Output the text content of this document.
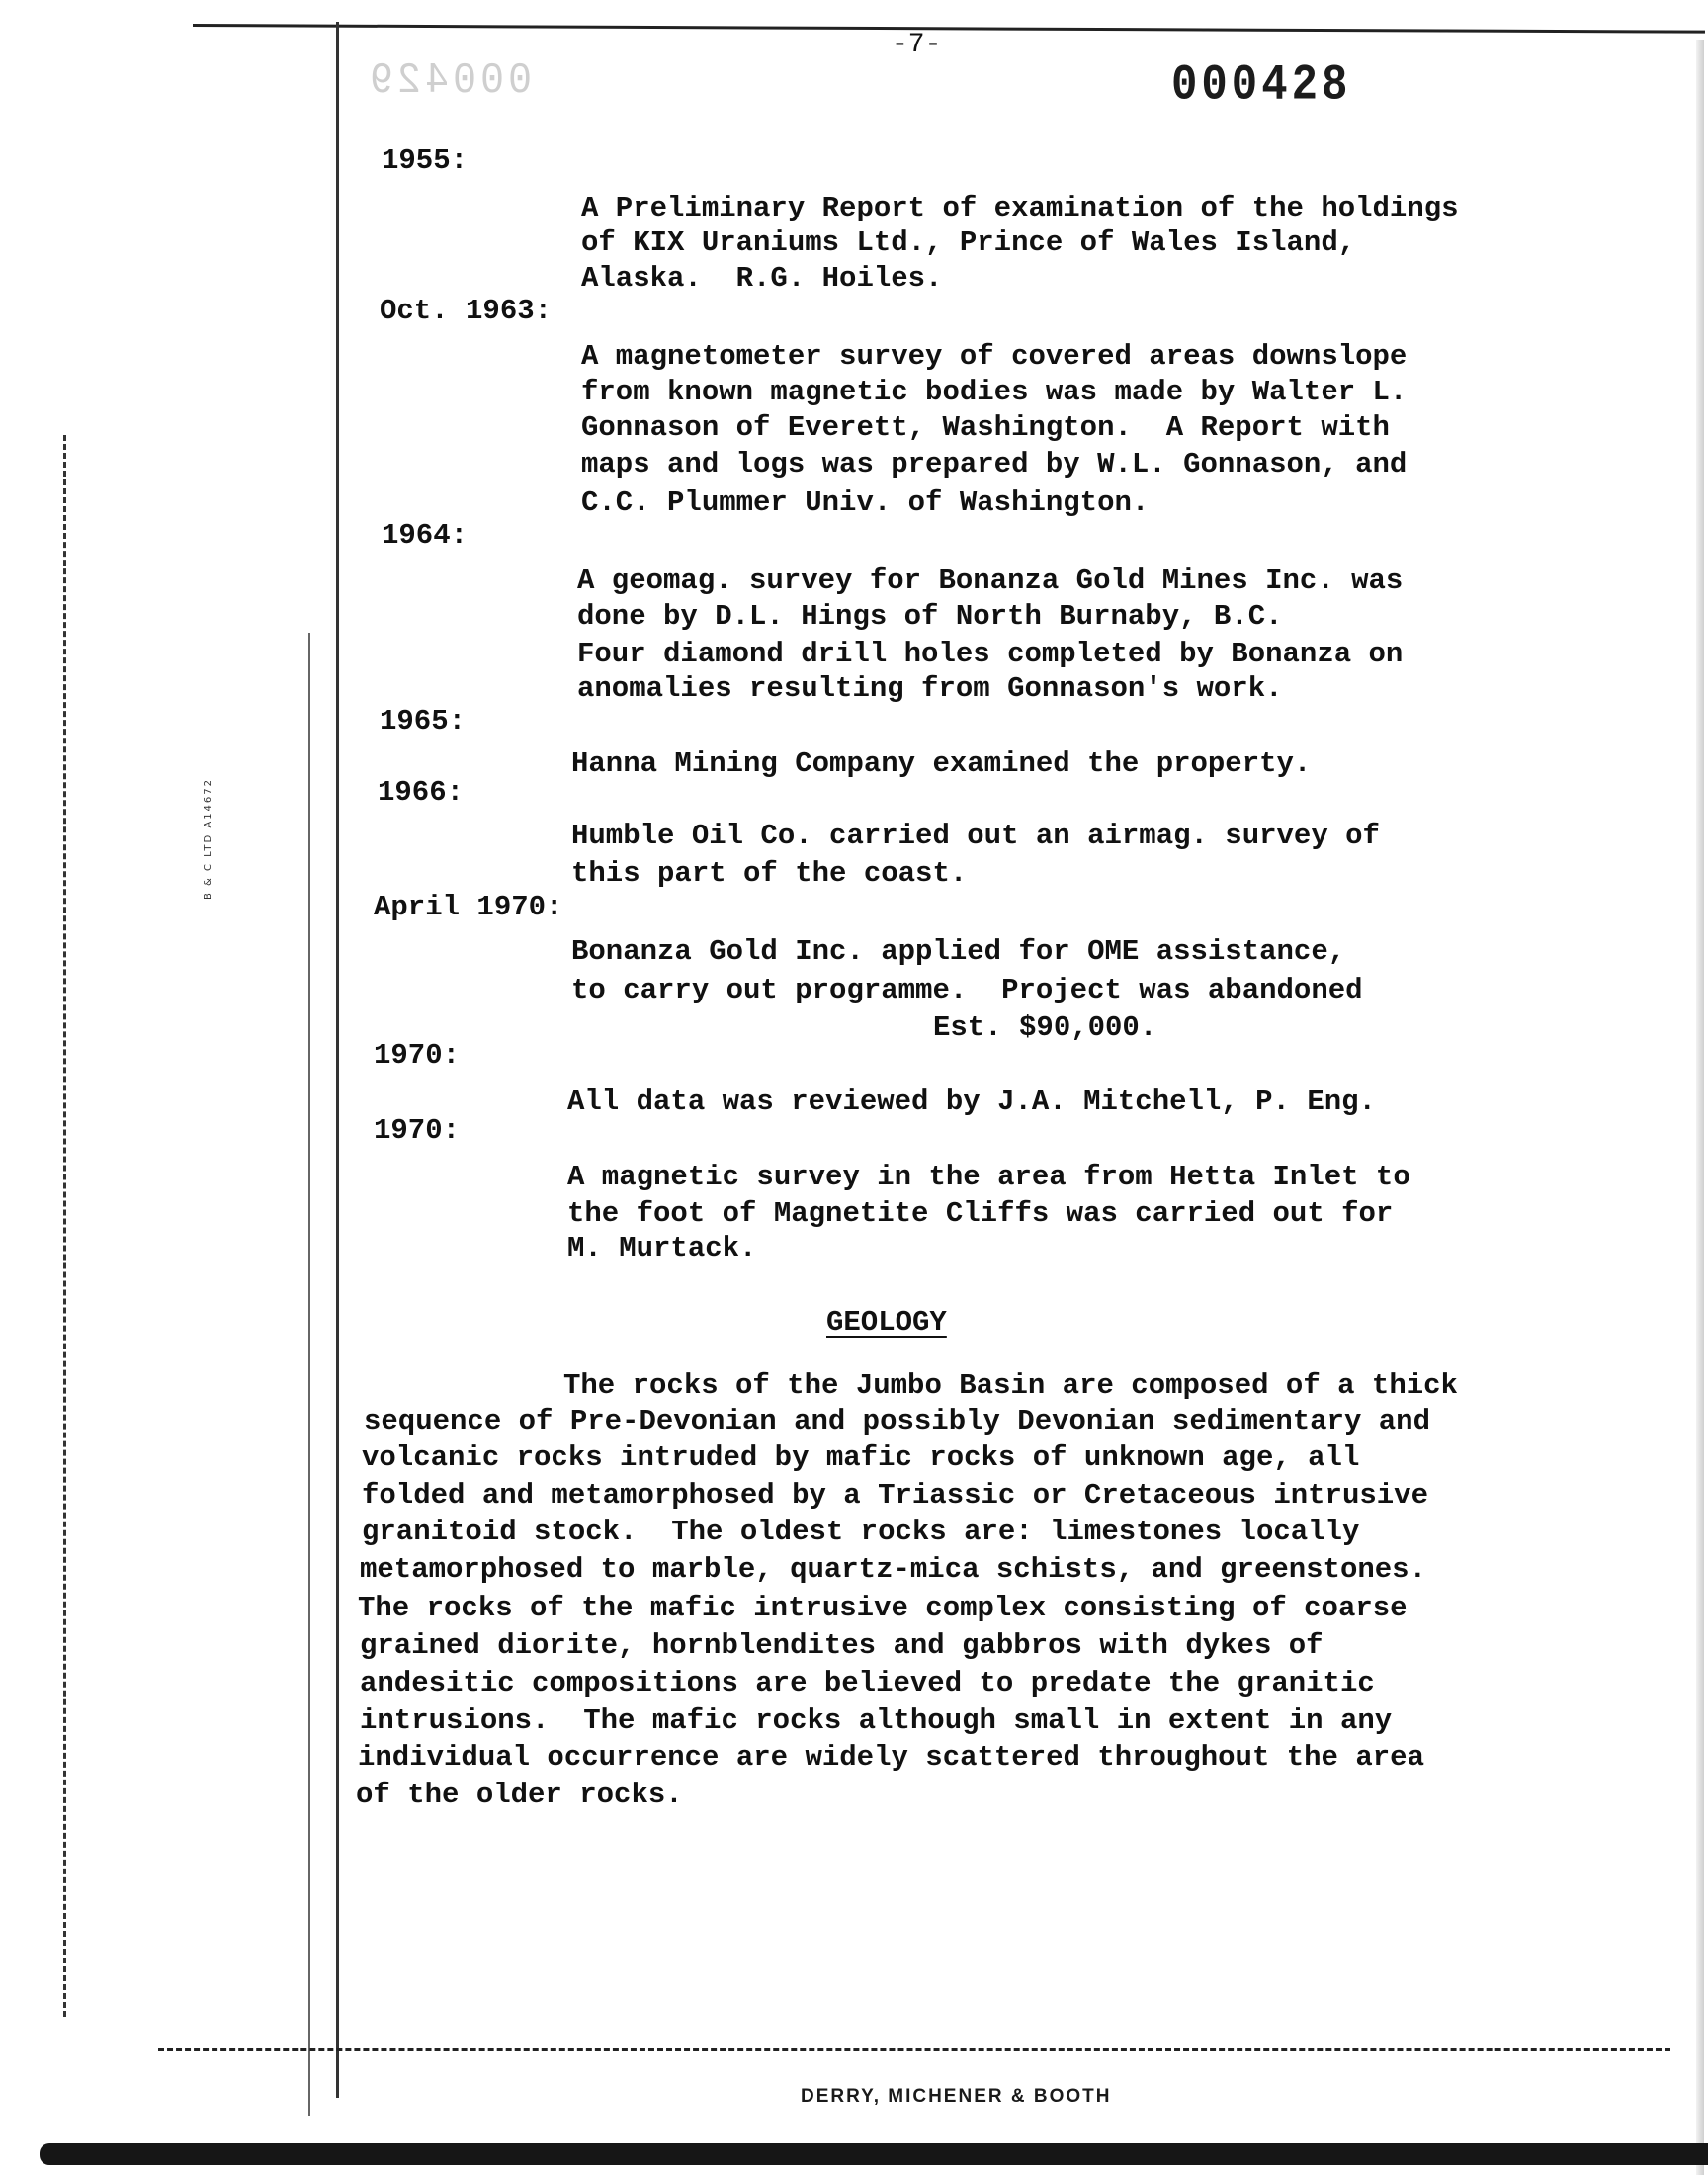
B & C LTD A14672
-7-
000429	000428
1955:
A Preliminary Report of examination of the holdings
of KIX Uraniums Ltd., Prince of Wales Island,
Alaska.  R.G. Hoiles.
Oct. 1963:
A magnetometer survey of covered areas downslope
from known magnetic bodies was made by Walter L.
Gonnason of Everett, Washington.  A Report with
maps and logs was prepared by W.L. Gonnason, and
C.C. Plummer Univ. of Washington.
1964:
A geomag. survey for Bonanza Gold Mines Inc. was
done by D.L. Hings of North Burnaby, B.C.
Four diamond drill holes completed by Bonanza on
anomalies resulting from Gonnason's work.
1965:
Hanna Mining Company examined the property.
1966:
Humble Oil Co. carried out an airmag. survey of
this part of the coast.
April 1970:
Bonanza Gold Inc. applied for OME assistance,
to carry out programme.  Project was abandoned
Est. $90,000.
1970:
All data was reviewed by J.A. Mitchell, P. Eng.
1970:
A magnetic survey in the area from Hetta Inlet to
the foot of Magnetite Cliffs was carried out for
M. Murtack.
GEOLOGY
The rocks of the Jumbo Basin are composed of a thick
sequence of Pre-Devonian and possibly Devonian sedimentary and
volcanic rocks intruded by mafic rocks of unknown age, all
folded and metamorphosed by a Triassic or Cretaceous intrusive
granitoid stock.  The oldest rocks are: limestones locally
metamorphosed to marble, quartz-mica schists, and greenstones.
The rocks of the mafic intrusive complex consisting of coarse
grained diorite, hornblendites and gabbros with dykes of
andesitic compositions are believed to predate the granitic
intrusions.  The mafic rocks although small in extent in any
individual occurrence are widely scattered throughout the area
of the older rocks.
DERRY, MICHENER & BOOTH
